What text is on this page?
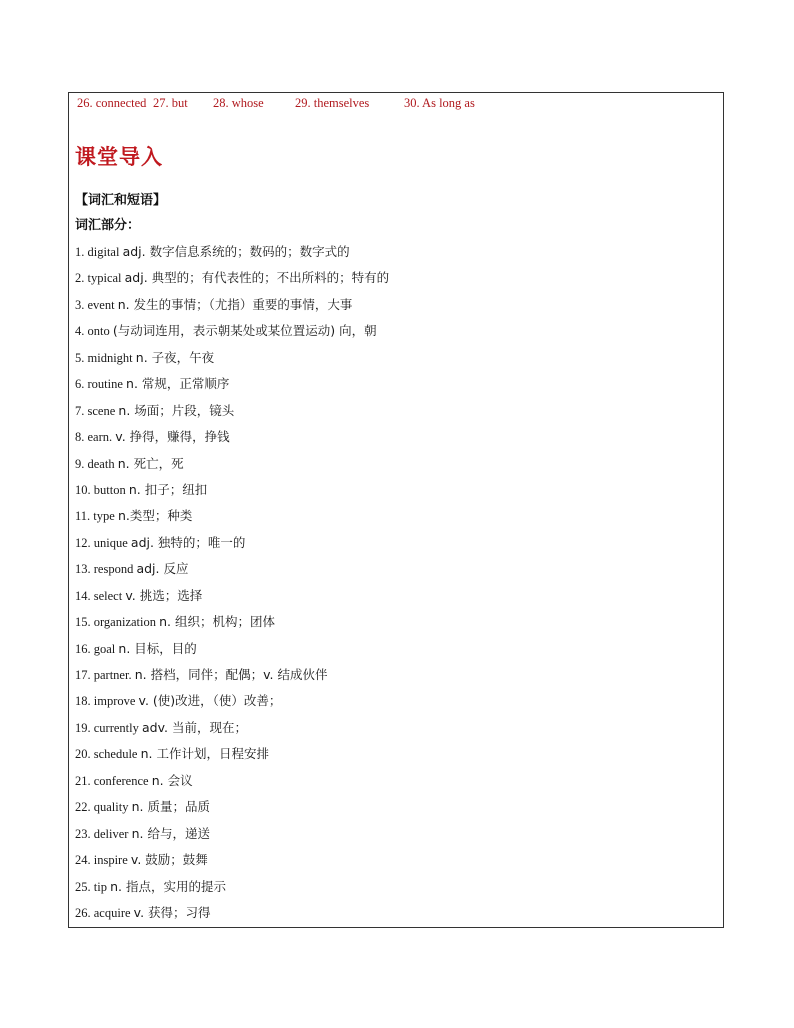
26. connected 27. but 28. whose	29. themselves	30. As long as
课堂导入
【词汇和短语】
词汇部分：
1. digital adj. 数字信息系统的；数码的；数字式的
2. typical adj. 典型的；有代表性的；不出所料的；特有的
3. event n. 发生的事情；（尤指）重要的事情，大事
4. onto (与动词连用，表示朝某处或某位置运动) 向，朝
5. midnight n. 子夜，午夜
6. routine n. 常规，正常顺序
7. scene n. 场面；片段，镜头
8. earn. v. 挣得，赚得，挣钱
9. death n. 死亡，死
10. button n. 扣子；纽扣
11. type n.类型；种类
12. unique adj. 独特的；唯一的
13. respond adj. 反应
14. select v. 挑选；选择
15. organization n. 组织；机构；团体
16. goal n. 目标，目的
17. partner. n. 搭档，同伴；配偶；v. 结成伙伴
18. improve v. (使)改进，（使）改善；
19. currently adv. 当前，现在；
20. schedule n. 工作计划，日程安排
21. conference n. 会议
22. quality n. 质量；品质
23. deliver n. 给与，递送
24. inspire v. 鼓励；鼓舞
25. tip n. 指点，实用的提示
26. acquire v. 获得；习得
